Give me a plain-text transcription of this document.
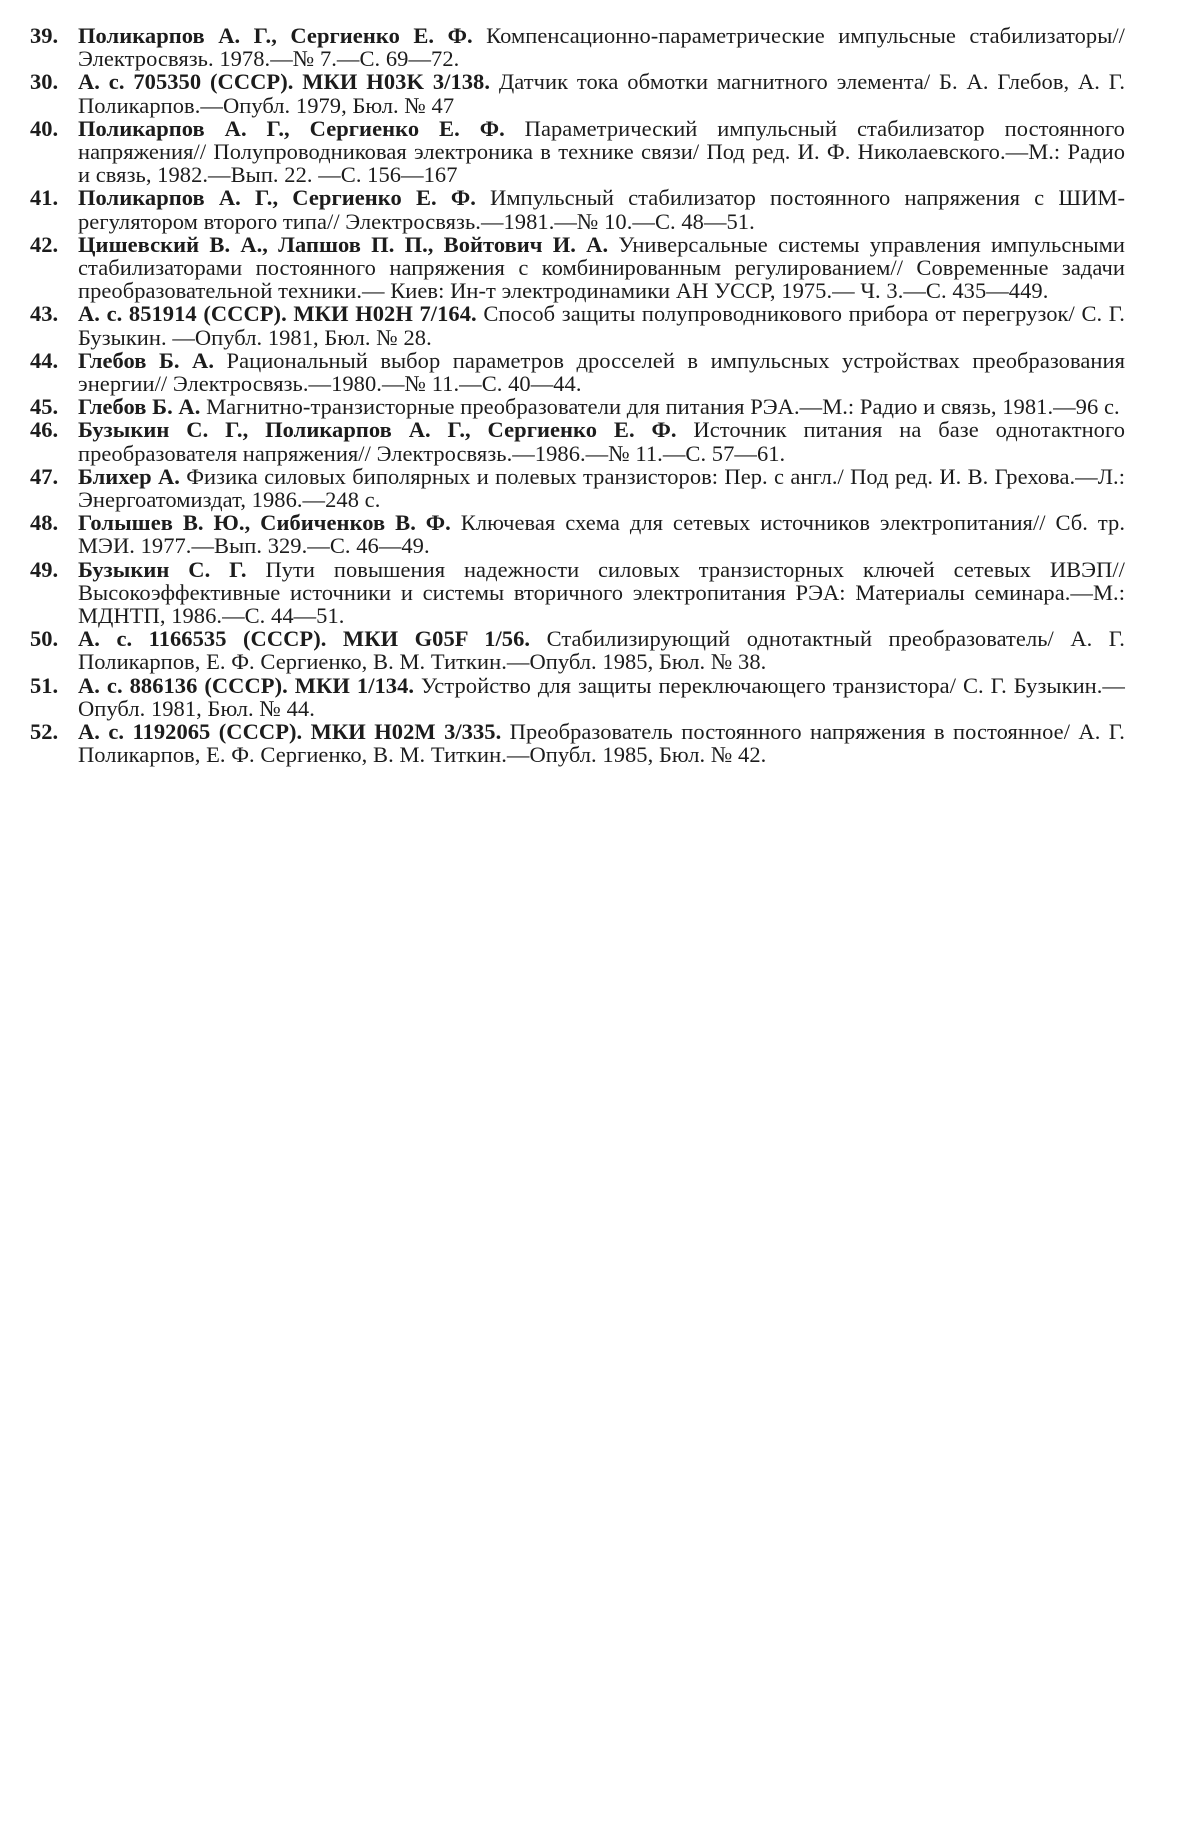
39. Поликарпов А. Г., Сергиенко Е. Ф. Компенсационно-параметрические импульсные стабилизаторы// Электросвязь. 1978.—№ 7.—С. 69—72.
30. А. с. 705350 (СССР). МКИ H03K 3/138. Датчик тока обмотки магнитного элемента/ Б. А. Глебов, А. Г. Поликарпов.—Опубл. 1979, Бюл. № 47
40. Поликарпов А. Г., Сергиенко Е. Ф. Параметрический импульсный стабилизатор постоянного напряжения// Полупроводниковая электроника в технике связи/ Под ред. И. Ф. Николаевского.—М.: Радио и связь, 1982.—Вып. 22. —С. 156—167
41. Поликарпов А. Г., Сергиенко Е. Ф. Импульсный стабилизатор постоянного напряжения с ШИМ-регулятором второго типа// Электросвязь.—1981.—№ 10.—С. 48—51.
42. Цишевский В. А., Лапшов П. П., Войтович И. А. Универсальные системы управления импульсными стабилизаторами постоянного напряжения с комбинированным регулированием// Современные задачи преобразовательной техники.— Киев: Ин-т электродинамики АН УССР, 1975.— Ч. 3.—С. 435—449.
43. А. с. 851914 (СССР). МКИ H02H 7/164. Способ защиты полупроводникового прибора от перегрузок/ С. Г. Бузыкин. —Опубл. 1981, Бюл. № 28.
44. Глебов Б. А. Рациональный выбор параметров дросселей в импульсных устройствах преобразования энергии// Электросвязь.—1980.—№ 11.—С. 40—44.
45. Глебов Б. А. Магнитно-транзисторные преобразователи для питания РЭА.—М.: Радио и связь, 1981.—96 с.
46. Бузыкин С. Г., Поликарпов А. Г., Сергиенко Е. Ф. Источник питания на базе однотактного преобразователя напряжения// Электросвязь.—1986.—№ 11.—С. 57—61.
47. Блихер А. Физика силовых биполярных и полевых транзисторов: Пер. с англ./ Под ред. И. В. Грехова.—Л.: Энергоатомиздат, 1986.—248 с.
48. Голышев В. Ю., Сибиченков В. Ф. Ключевая схема для сетевых источников электропитания// Сб. тр. МЭИ. 1977.—Вып. 329.—С. 46—49.
49. Бузыкин С. Г. Пути повышения надежности силовых транзисторных ключей сетевых ИВЭП// Высокоэффективные источники и системы вторичного электропитания РЭА: Материалы семинара.—М.: МДНТП, 1986.—С. 44—51.
50. А. с. 1166535 (СССР). МКИ G05F 1/56. Стабилизирующий однотактный преобразователь/ А. Г. Поликарпов, Е. Ф. Сергиенко, В. М. Титкин.—Опубл. 1985, Бюл. № 38.
51. А. с. 886136 (СССР). МКИ 1/134. Устройство для защиты переключающего транзистора/ С. Г. Бузыкин.—Опубл. 1981, Бюл. № 44.
52. А. с. 1192065 (СССР). МКИ H02M 3/335. Преобразователь постоянного напряжения в постоянное/ А. Г. Поликарпов, Е. Ф. Сергиенко, В. М. Титкин.—Опубл. 1985, Бюл. № 42.
